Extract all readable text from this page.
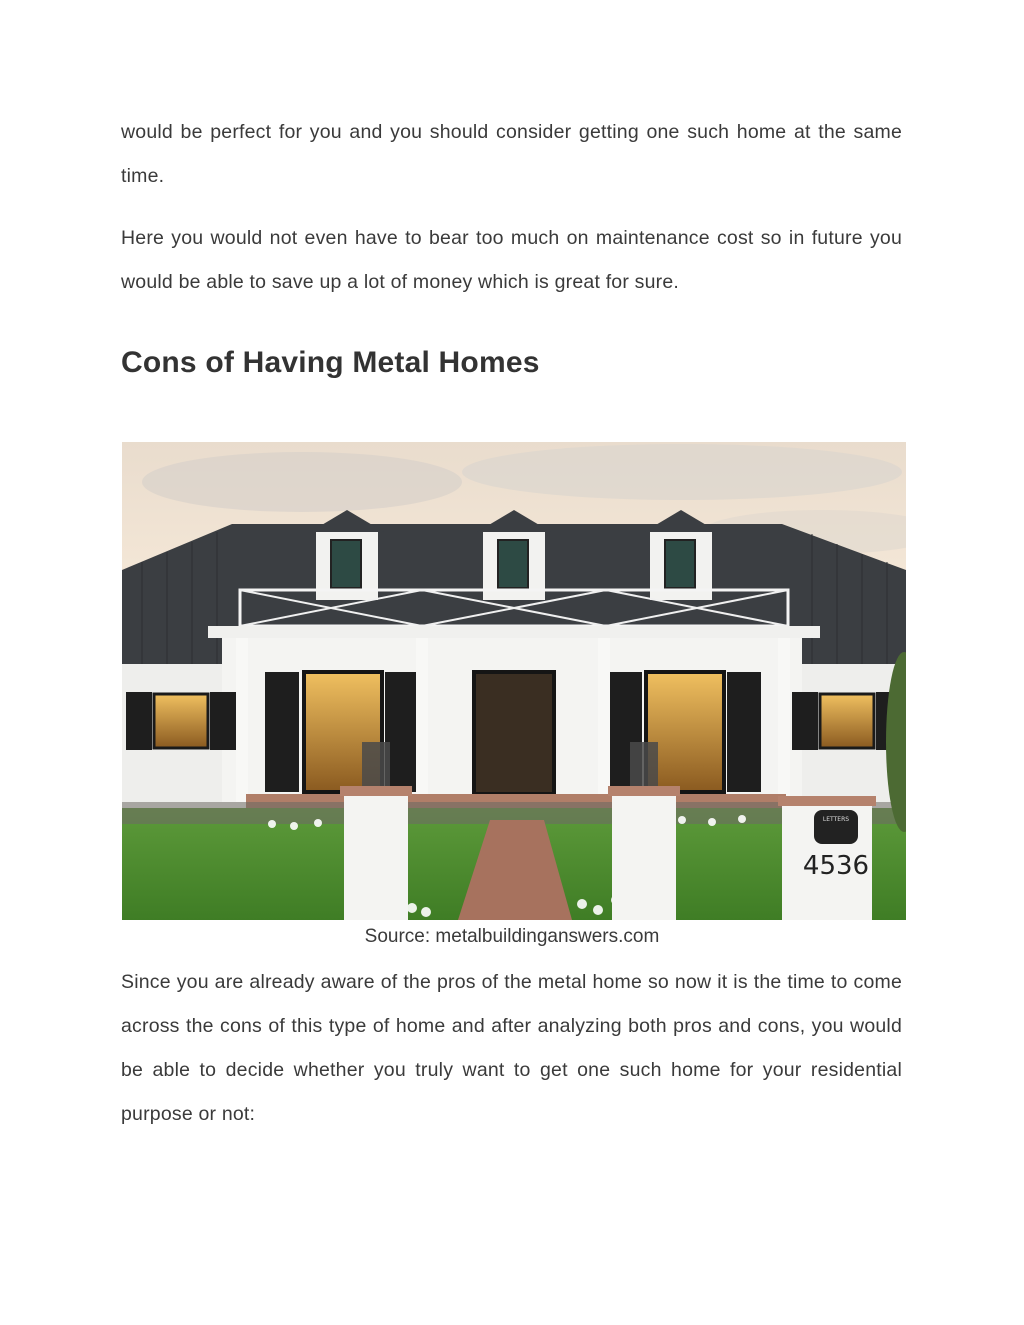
would be perfect for you and you should consider getting one such home at the same time.

Here you would not even have to bear too much on maintenance cost so in future you would be able to save up a lot of money which is great for sure.

Cons of Having Metal Homes
LETTERS
4536

Source: metalbuildinganswers.com

Since you are already aware of the pros of the metal home so now it is the time to come across the cons of this type of home and after analyzing both pros and cons, you would be able to decide whether you truly want to get one such home for your residential purpose or not:
